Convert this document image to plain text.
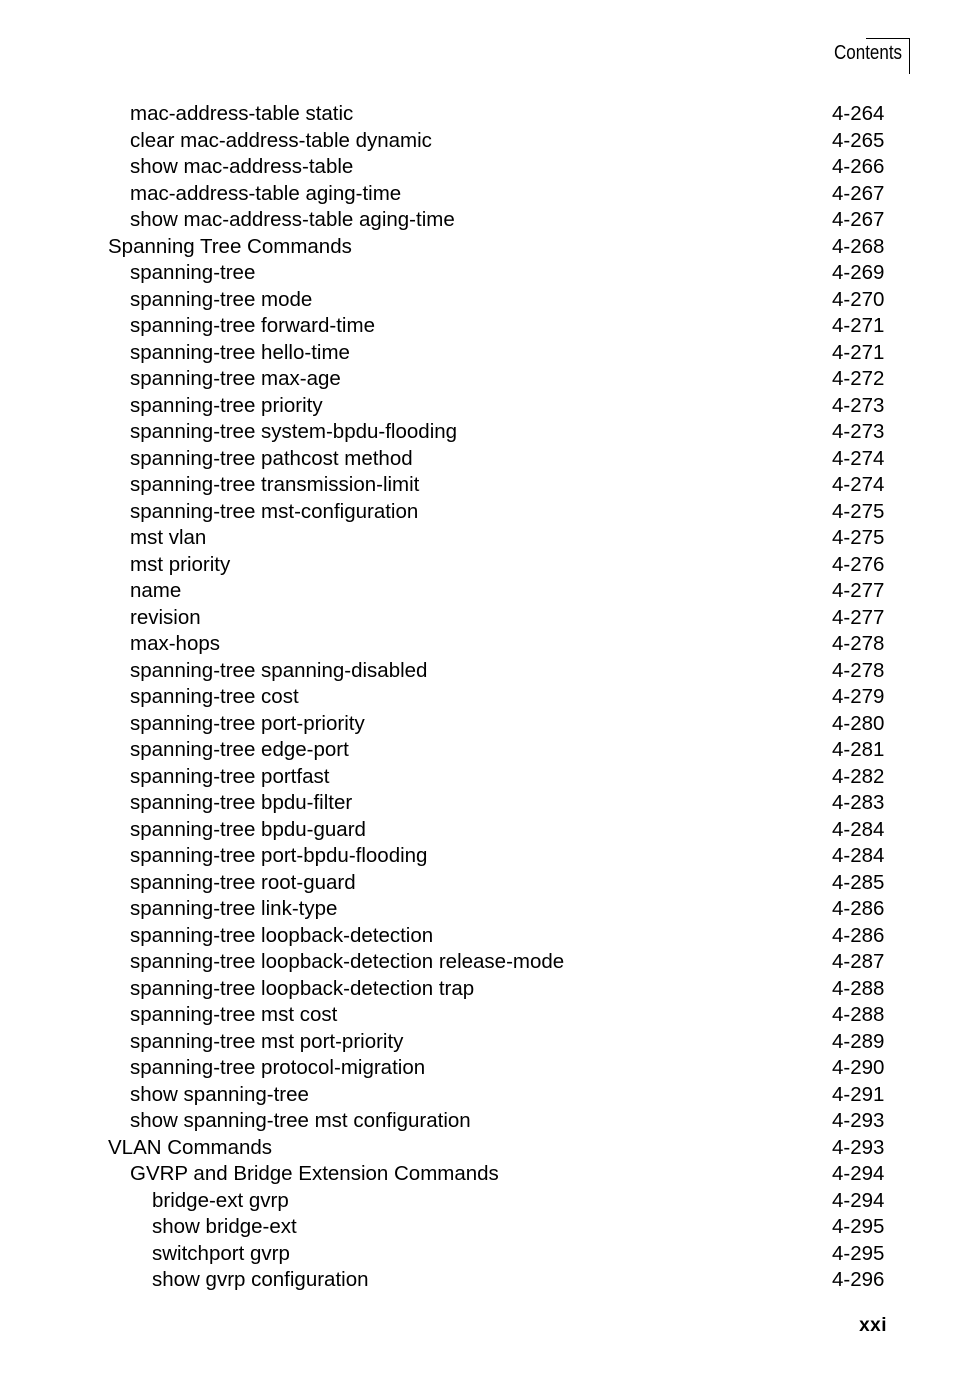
Contents
mac-address-table static	4-264
clear mac-address-table dynamic	4-265
show mac-address-table	4-266
mac-address-table aging-time	4-267
show mac-address-table aging-time	4-267
Spanning Tree Commands	4-268
spanning-tree	4-269
spanning-tree mode	4-270
spanning-tree forward-time	4-271
spanning-tree hello-time	4-271
spanning-tree max-age	4-272
spanning-tree priority	4-273
spanning-tree system-bpdu-flooding	4-273
spanning-tree pathcost method	4-274
spanning-tree transmission-limit	4-274
spanning-tree mst-configuration	4-275
mst vlan	4-275
mst priority	4-276
name	4-277
revision	4-277
max-hops	4-278
spanning-tree spanning-disabled	4-278
spanning-tree cost	4-279
spanning-tree port-priority	4-280
spanning-tree edge-port	4-281
spanning-tree portfast	4-282
spanning-tree bpdu-filter	4-283
spanning-tree bpdu-guard	4-284
spanning-tree port-bpdu-flooding	4-284
spanning-tree root-guard	4-285
spanning-tree link-type	4-286
spanning-tree loopback-detection	4-286
spanning-tree loopback-detection release-mode	4-287
spanning-tree loopback-detection trap	4-288
spanning-tree mst cost	4-288
spanning-tree mst port-priority	4-289
spanning-tree protocol-migration	4-290
show spanning-tree	4-291
show spanning-tree mst configuration	4-293
VLAN Commands	4-293
GVRP and Bridge Extension Commands	4-294
bridge-ext gvrp	4-294
show bridge-ext	4-295
switchport gvrp	4-295
show gvrp configuration	4-296
xxi
